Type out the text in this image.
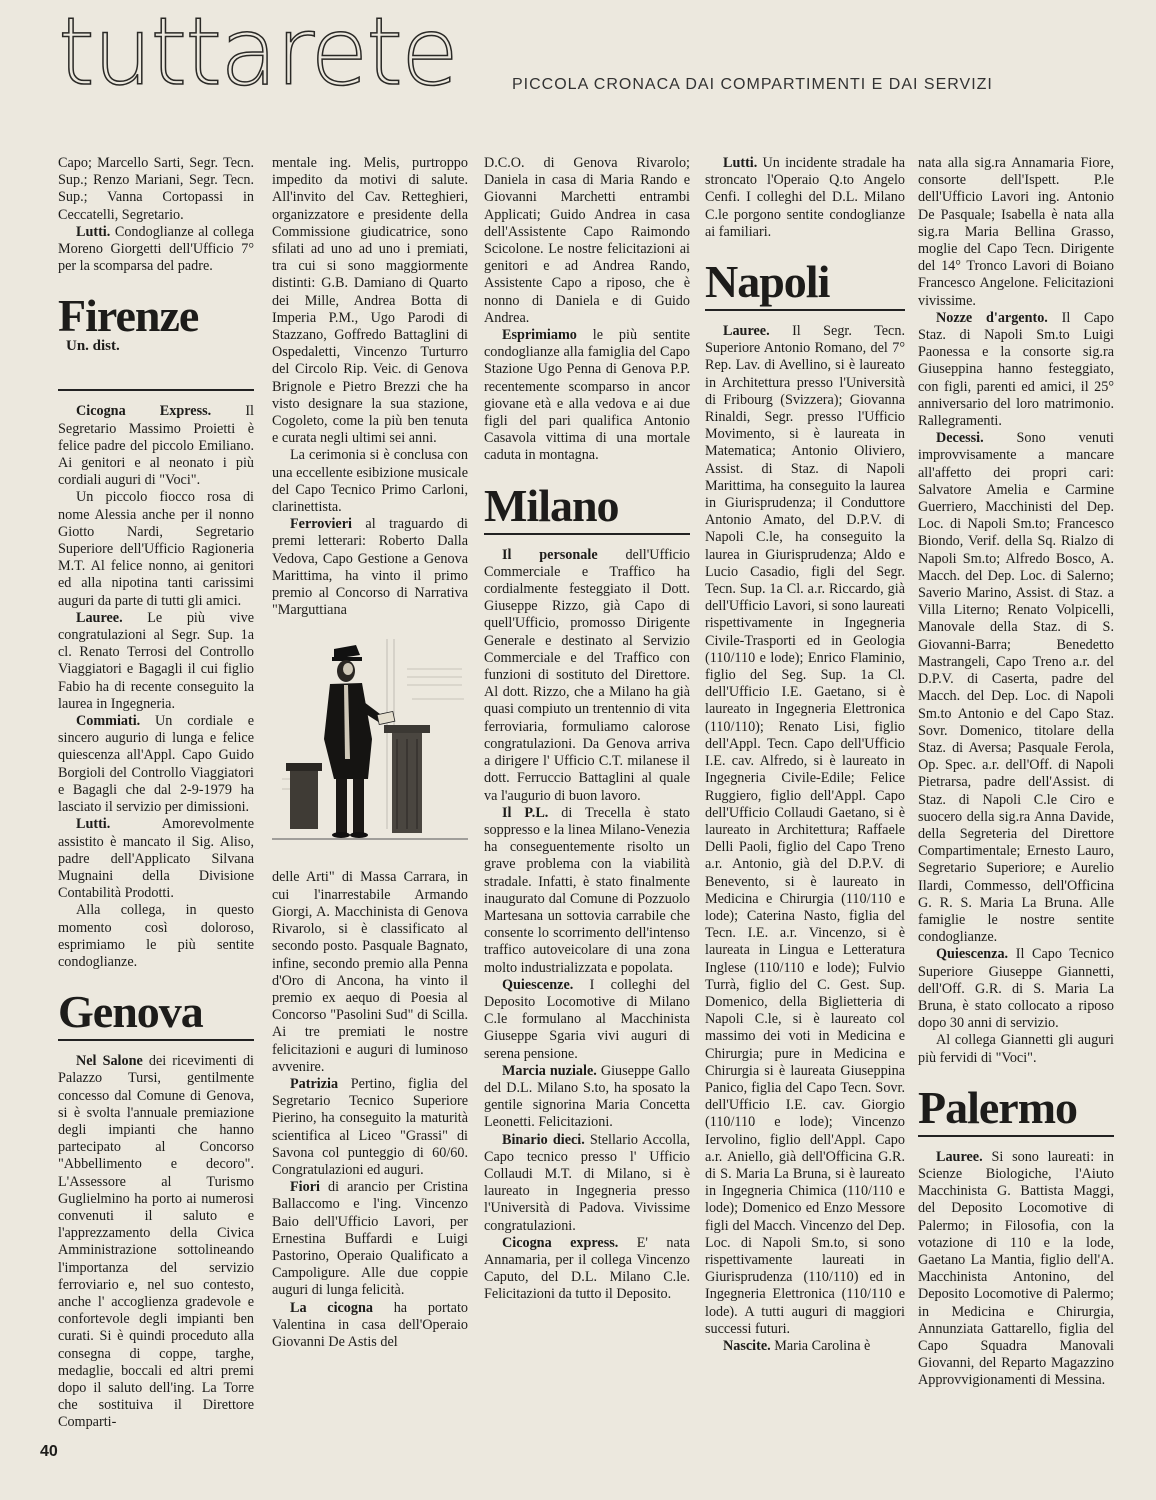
tuttarete	PICCOLA CRONACA DAI COMPARTIMENTI E DAI SERVIZI

Capo; Marcello Sarti, Segr. Tecn. Sup.; Renzo Mariani, Segr. Tecn. Sup.; Vanna Cortopassi in Ceccatelli, Segretario.

Lutti. Condoglianze al collega Moreno Giorgetti dell'Ufficio 7° per la scomparsa del padre.

FirenzeUn. dist.

Cicogna Express. Il Segretario Massimo Proietti è felice padre del piccolo Emiliano. Ai genitori e al neonato i più cordiali auguri di "Voci".

Un piccolo fiocco rosa di nome Alessia anche per il nonno Giotto Nardi, Segretario Superiore dell'Ufficio Ragioneria M.T. Al felice nonno, ai genitori ed alla nipotina tanti carissimi auguri da parte di tutti gli amici.

Lauree. Le più vive congratulazioni al Segr. Sup. 1a cl. Renato Terrosi del Controllo Viaggiatori e Bagagli il cui figlio Fabio ha di recente conseguito la laurea in Ingegneria.

Commiati. Un cordiale e sincero augurio di lunga e felice quiescenza all'Appl. Capo Guido Borgioli del Controllo Viaggiatori e Bagagli che dal 2-9-1979 ha lasciato il servizio per dimissioni.

Lutti. Amorevolmente assistito è mancato il Sig. Aliso, padre dell'Applicato Silvana Mugnaini della Divisione Contabilità Prodotti.

Alla collega, in questo momento così doloroso, esprimiamo le più sentite condoglianze.

Genova

Nel Salone dei ricevimenti di Palazzo Tursi, gentilmente concesso dal Comune di Genova, si è svolta l'annuale premiazione degli impianti che hanno partecipato al Concorso "Abbellimento e decoro". L'Assessore al Turismo Guglielmino ha porto ai numerosi convenuti il saluto e l'apprezzamento della Civica Amministrazione sottolineando l'importanza del servizio ferroviario e, nel suo contesto, anche l' accoglienza gradevole e confortevole degli impianti ben curati. Si è quindi proceduto alla consegna di coppe, targhe, medaglie, boccali ed altri premi dopo il saluto dell'ing. La Torre che sostituiva il Direttore Comparti-

mentale ing. Melis, purtroppo impedito da motivi di salute. All'invito del Cav. Retteghieri, organizzatore e presidente della Commissione giudicatrice, sono sfilati ad uno ad uno i premiati, tra cui si sono maggiormente distinti: G.B. Damiano di Quarto dei Mille, Andrea Botta di Imperia P.M., Ugo Parodi di Stazzano, Goffredo Battaglini di Ospedaletti, Vincenzo Turturro del Circolo Rip. Veic. di Genova Brignole e Pietro Brezzi che ha visto designare la sua stazione, Cogoleto, come la più ben tenuta e curata negli ultimi sei anni.

La cerimonia si è conclusa con una eccellente esibizione musicale del Capo Tecnico Primo Carloni, clarinettista.

Ferrovieri al traguardo di premi letterari: Roberto Dalla Vedova, Capo Gestione a Genova Marittima, ha vinto il primo premio al Concorso di Narrativa "Marguttiana

delle Arti" di Massa Carrara, in cui l'inarrestabile Armando Giorgi, A. Macchinista di Genova Rivarolo, si è classificato al secondo posto. Pasquale Bagnato, infine, secondo premio alla Penna d'Oro di Ancona, ha vinto il premio ex aequo di Poesia al Concorso "Pasolini Sud" di Scilla. Ai tre premiati le nostre felicitazioni e auguri di luminoso avvenire.

Patrizia Pertino, figlia del Segretario Tecnico Superiore Pierino, ha conseguito la maturità scientifica al Liceo "Grassi" di Savona col punteggio di 60/60. Congratulazioni ed auguri.

Fiori di arancio per Cristina Ballaccomo e l'ing. Vincenzo Baio dell'Ufficio Lavori, per Ernestina Buffardi e Luigi Pastorino, Operaio Qualificato a Campoligure. Alle due coppie auguri di lunga felicità.

La cicogna ha portato Valentina in casa dell'Operaio Giovanni De Astis del

D.C.O. di Genova Rivarolo; Daniela in casa di Maria Rando e Giovanni Marchetti entrambi Applicati; Guido Andrea in casa dell'Assistente Capo Raimondo Scicolone. Le nostre felicitazioni ai genitori e ad Andrea Rando, Assistente Capo a riposo, che è nonno di Daniela e di Guido Andrea.

Esprimiamo le più sentite condoglianze alla famiglia del Capo Stazione Ugo Penna di Genova P.P. recentemente scomparso in ancor giovane età e alla vedova e ai due figli del pari qualifica Antonio Casavola vittima di una mortale caduta in montagna.

Milano

Il personale dell'Ufficio Commerciale e Traffico ha cordialmente festeggiato il Dott. Giuseppe Rizzo, già Capo di quell'Ufficio, promosso Dirigente Generale e destinato al Servizio Commerciale e del Traffico con funzioni di sostituto del Direttore. Al dott. Rizzo, che a Milano ha già quasi compiuto un trentennio di vita ferroviaria, formuliamo calorose congratulazioni. Da Genova arriva a dirigere l' Ufficio C.T. milanese il dott. Ferruccio Battaglini al quale va l'augurio di buon lavoro.

Il P.L. di Trecella è stato soppresso e la linea Milano-Venezia ha conseguentemente risolto un grave problema con la viabilità stradale. Infatti, è stato finalmente inaugurato dal Comune di Pozzuolo Martesana un sottovia carrabile che consente lo scorrimento dell'intenso traffico autoveicolare di una zona molto industrializzata e popolata.

Quiescenze. I colleghi del Deposito Locomotive di Milano C.le formulano al Macchinista Giuseppe Sgaria vivi auguri di serena pensione.

Marcia nuziale. Giuseppe Gallo del D.L. Milano S.to, ha sposato la gentile signorina Maria Concetta Leonetti. Felicitazioni.

Binario dieci. Stellario Accolla, Capo tecnico presso l' Ufficio Collaudi M.T. di Milano, si è laureato in Ingegneria presso l'Università di Padova. Vivissime congratulazioni.

Cicogna express. E' nata Annamaria, per il collega Vincenzo Caputo, del D.L. Milano C.le. Felicitazioni da tutto il Deposito.

Lutti. Un incidente stradale ha stroncato l'Operaio Q.to Angelo Cenfi. I colleghi del D.L. Milano C.le porgono sentite condoglianze ai familiari.

Napoli

Lauree. Il Segr. Tecn. Superiore Antonio Romano, del 7° Rep. Lav. di Avellino, si è laureato in Architettura presso l'Università di Fribourg (Svizzera); Giovanna Rinaldi, Segr. presso l'Ufficio Movimento, si è laureata in Matematica; Antonio Oliviero, Assist. di Staz. di Napoli Marittima, ha conseguito la laurea in Giurisprudenza; il Conduttore Antonio Amato, del D.P.V. di Napoli C.le, ha conseguito la laurea in Giurisprudenza; Aldo e Lucio Casadio, figli del Segr. Tecn. Sup. 1a Cl. a.r. Riccardo, già dell'Ufficio Lavori, si sono laureati rispettivamente in Ingegneria Civile-Trasporti ed in Geologia (110/110 e lode); Enrico Flaminio, figlio del Seg. Sup. 1a Cl. dell'Ufficio I.E. Gaetano, si è laureato in Ingegneria Elettronica (110/110); Renato Lisi, figlio dell'Appl. Tecn. Capo dell'Ufficio I.E. cav. Alfredo, si è laureato in Ingegneria Civile-Edile; Felice Ruggiero, figlio dell'Appl. Capo dell'Ufficio Collaudi Gaetano, si è laureato in Architettura; Raffaele Delli Paoli, figlio del Capo Treno a.r. Antonio, già del D.P.V. di Benevento, si è laureato in Medicina e Chirurgia (110/110 e lode); Caterina Nasto, figlia del Tecn. I.E. a.r. Vincenzo, si è laureata in Lingua e Letteratura Inglese (110/110 e lode); Fulvio Turrà, figlio del C. Gest. Sup. Domenico, della Biglietteria di Napoli C.le, si è laureato col massimo dei voti in Medicina e Chirurgia; pure in Medicina e Chirurgia si è laureata Giuseppina Panico, figlia del Capo Tecn. Sovr. dell'Ufficio I.E. cav. Giorgio (110/110 e lode); Vincenzo Iervolino, figlio dell'Appl. Capo a.r. Aniello, già dell'Officina G.R. di S. Maria La Bruna, si è laureato in Ingegneria Chimica (110/110 e lode); Domenico ed Enzo Messore figli del Macch. Vincenzo del Dep. Loc. di Napoli Sm.to, si sono rispettivamente laureati in Giurisprudenza (110/110) ed in Ingegneria Elettronica (110/110 e lode). A tutti auguri di maggiori successi futuri.

Nascite. Maria Carolina è

nata alla sig.ra Annamaria Fiore, consorte dell'Ispett. P.le dell'Ufficio Lavori ing. Antonio De Pasquale; Isabella è nata alla sig.ra Maria Bellina Grasso, moglie del Capo Tecn. Dirigente del 14° Tronco Lavori di Boiano Francesco Angelone. Felicitazioni vivissime.

Nozze d'argento. Il Capo Staz. di Napoli Sm.to Luigi Paonessa e la consorte sig.ra Giuseppina hanno festeggiato, con figli, parenti ed amici, il 25° anniversario del loro matrimonio. Rallegramenti.

Decessi. Sono venuti improvvisamente a mancare all'affetto dei propri cari: Salvatore Amelia e Carmine Guerriero, Macchinisti del Dep. Loc. di Napoli Sm.to; Francesco Biondo, Verif. della Sq. Rialzo di Napoli Sm.to; Alfredo Bosco, A. Macch. del Dep. Loc. di Salerno; Saverio Marino, Assist. di Staz. a Villa Literno; Renato Volpicelli, Manovale della Staz. di S. Giovanni-Barra; Benedetto Mastrangeli, Capo Treno a.r. del D.P.V. di Caserta, padre del Macch. del Dep. Loc. di Napoli Sm.to Antonio e del Capo Staz. Sovr. Domenico, titolare della Staz. di Aversa; Pasquale Ferola, Op. Spec. a.r. dell'Off. di Napoli Pietrarsa, padre dell'Assist. di Staz. di Napoli C.le Ciro e suocero della sig.ra Anna Davide, della Segreteria del Direttore Compartimentale; Ernesto Lauro, Segretario Superiore; e Aurelio Ilardi, Commesso, dell'Officina G. R. S. Maria La Bruna. Alle famiglie le nostre sentite condoglianze.

Quiescenza. Il Capo Tecnico Superiore Giuseppe Giannetti, dell'Off. G.R. di S. Maria La Bruna, è stato collocato a riposo dopo 30 anni di servizio.

Al collega Giannetti gli auguri più fervidi di "Voci".

Palermo

Lauree. Si sono laureati: in Scienze Biologiche, l'Aiuto Macchinista G. Battista Maggi, del Deposito Locomotive di Palermo; in Filosofia, con la votazione di 110 e la lode, Gaetano La Mantia, figlio dell'A. Macchinista Antonino, del Deposito Locomotive di Palermo; in Medicina e Chirurgia, Annunziata Gattarello, figlia del Capo Squadra Manovali Giovanni, del Reparto Magazzino Approvvigionamenti di Messina.

40
